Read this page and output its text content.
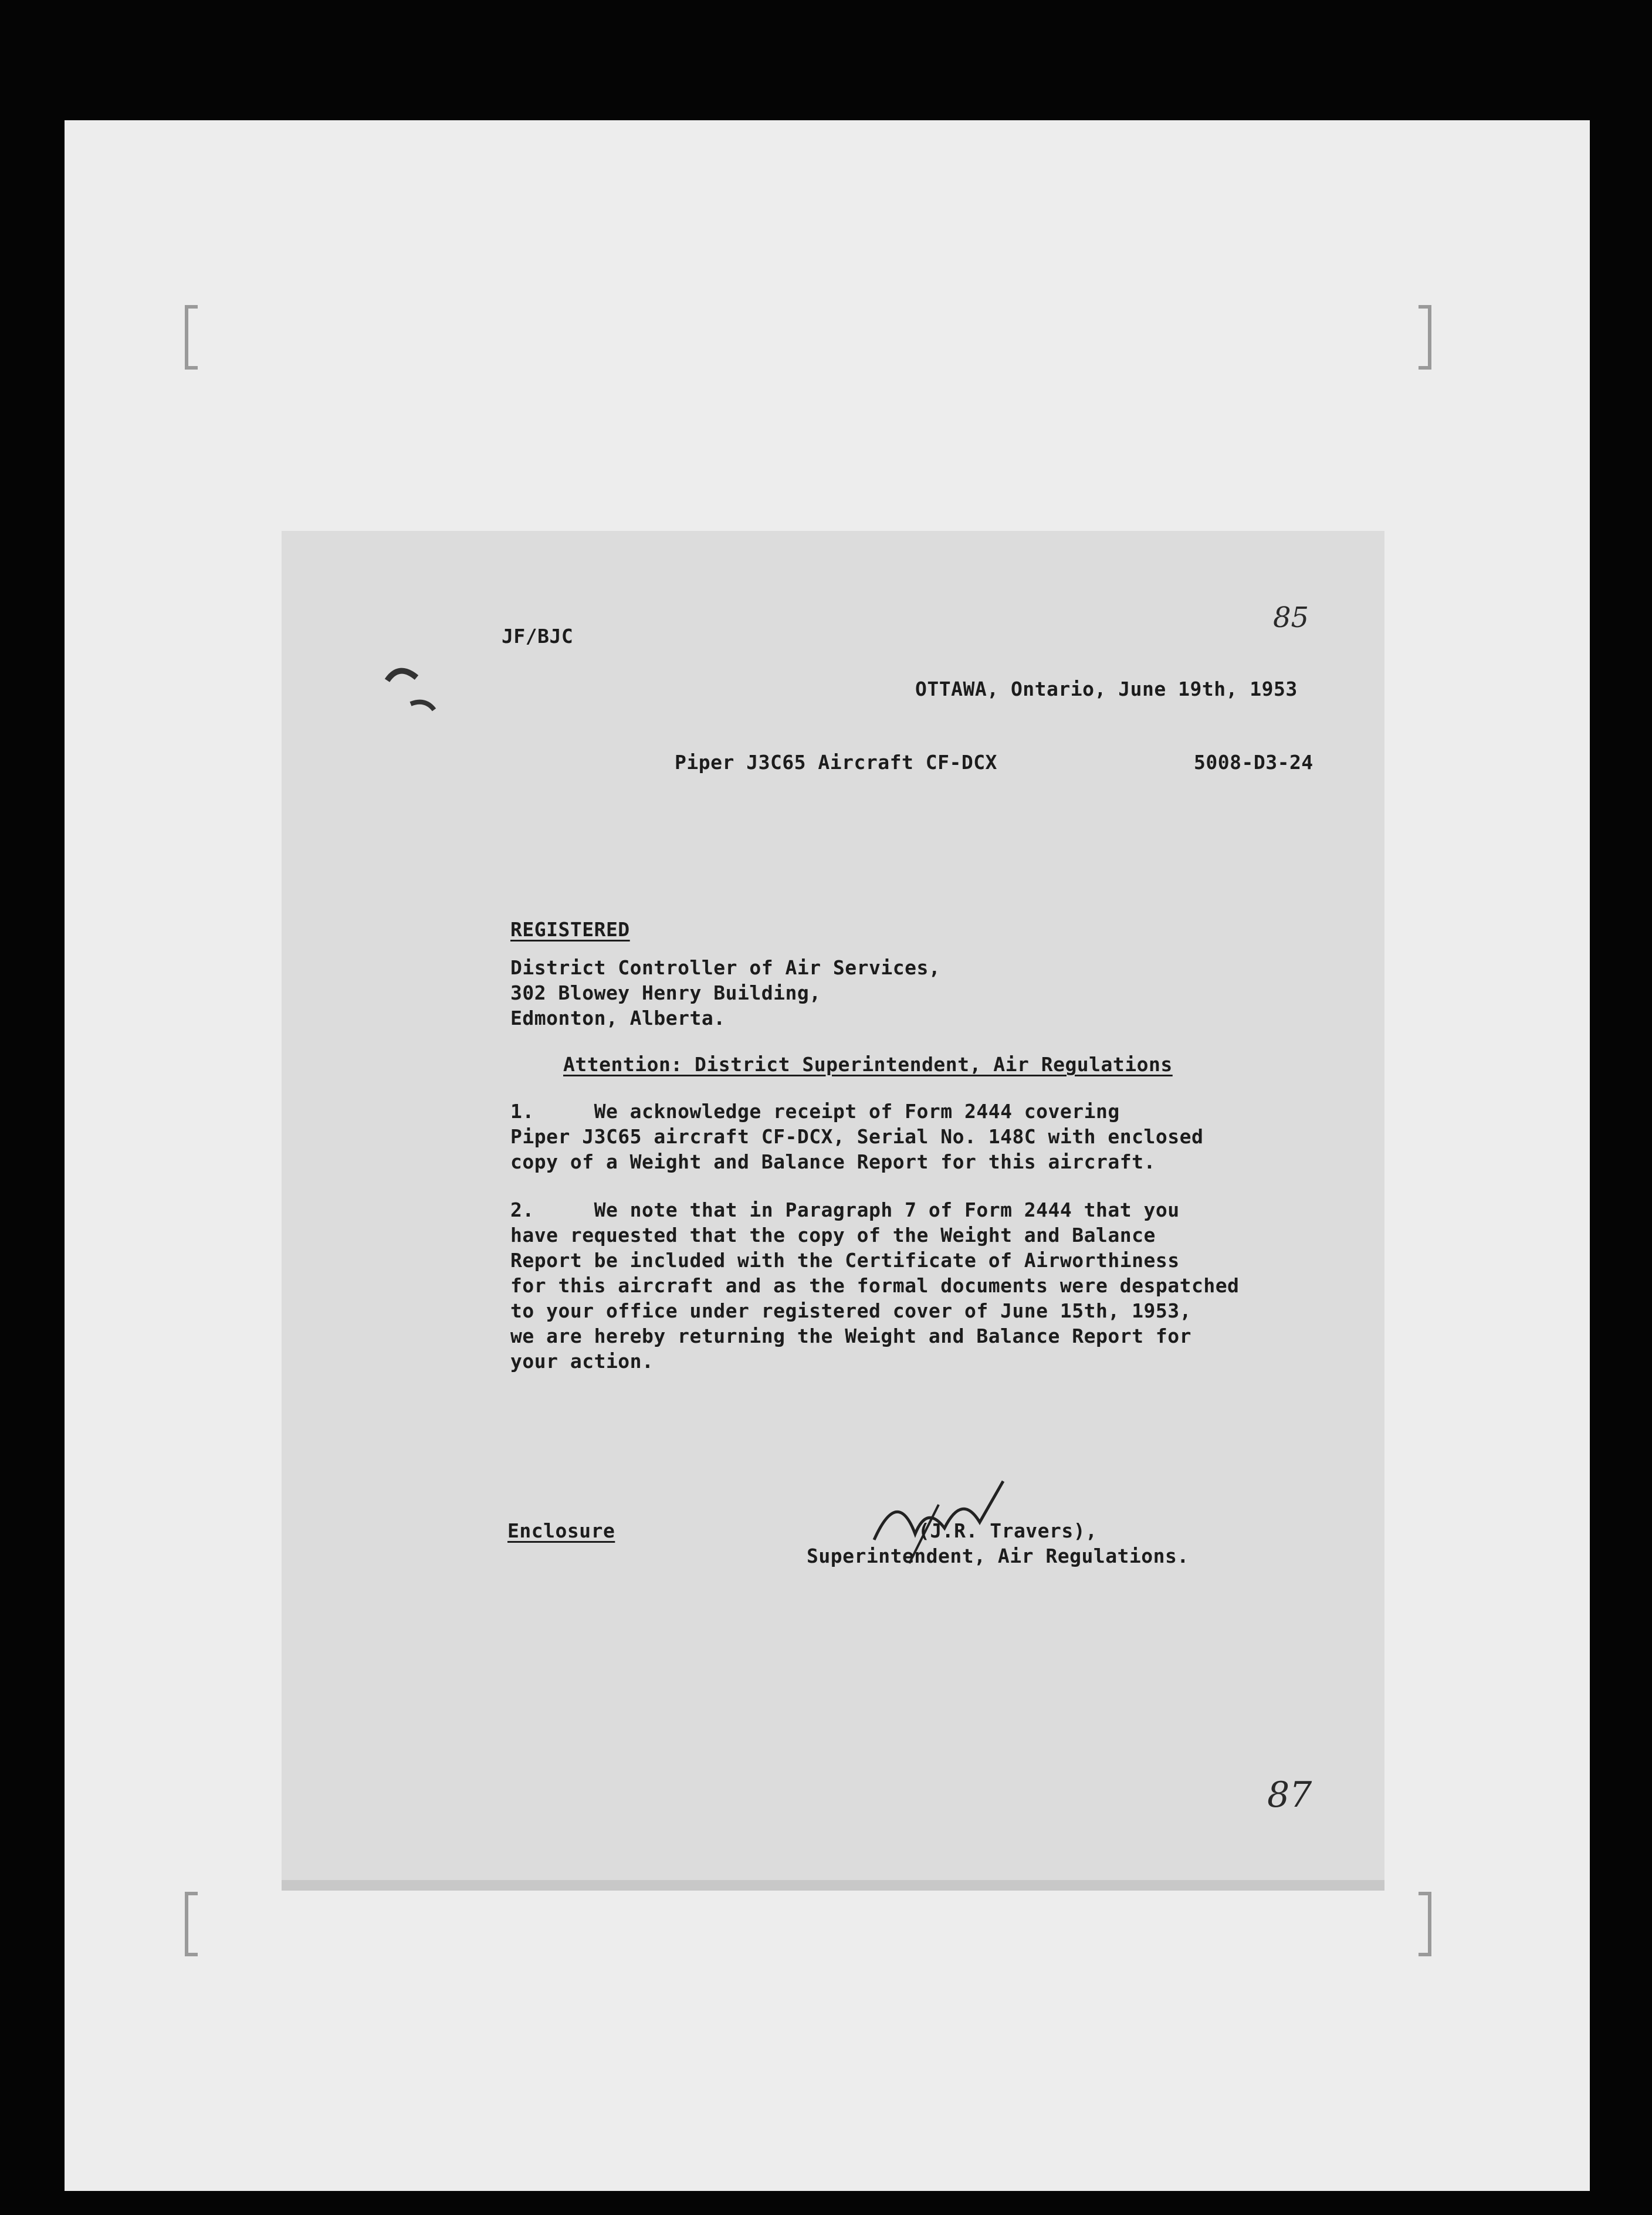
JF/BJC
85
OTTAWA, Ontario, June 19th, 1953
Piper J3C65 Aircraft CF-DCX	5008-D3-24
REGISTERED
District Controller of Air Services,
302 Blowey Henry Building,
Edmonton, Alberta.
Attention: District Superintendent, Air Regulations
1.     We acknowledge receipt of Form 2444 covering
Piper J3C65 aircraft CF-DCX, Serial No. 148C with enclosed
copy of a Weight and Balance Report for this aircraft.
2.     We note that in Paragraph 7 of Form 2444 that you
have requested that the copy of the Weight and Balance
Report be included with the Certificate of Airworthiness
for this aircraft and as the formal documents were despatched
to your office under registered cover of June 15th, 1953,
we are hereby returning the Weight and Balance Report for
your action.
Enclosure	(J.R. Travers),
Superintendent, Air Regulations.
87
